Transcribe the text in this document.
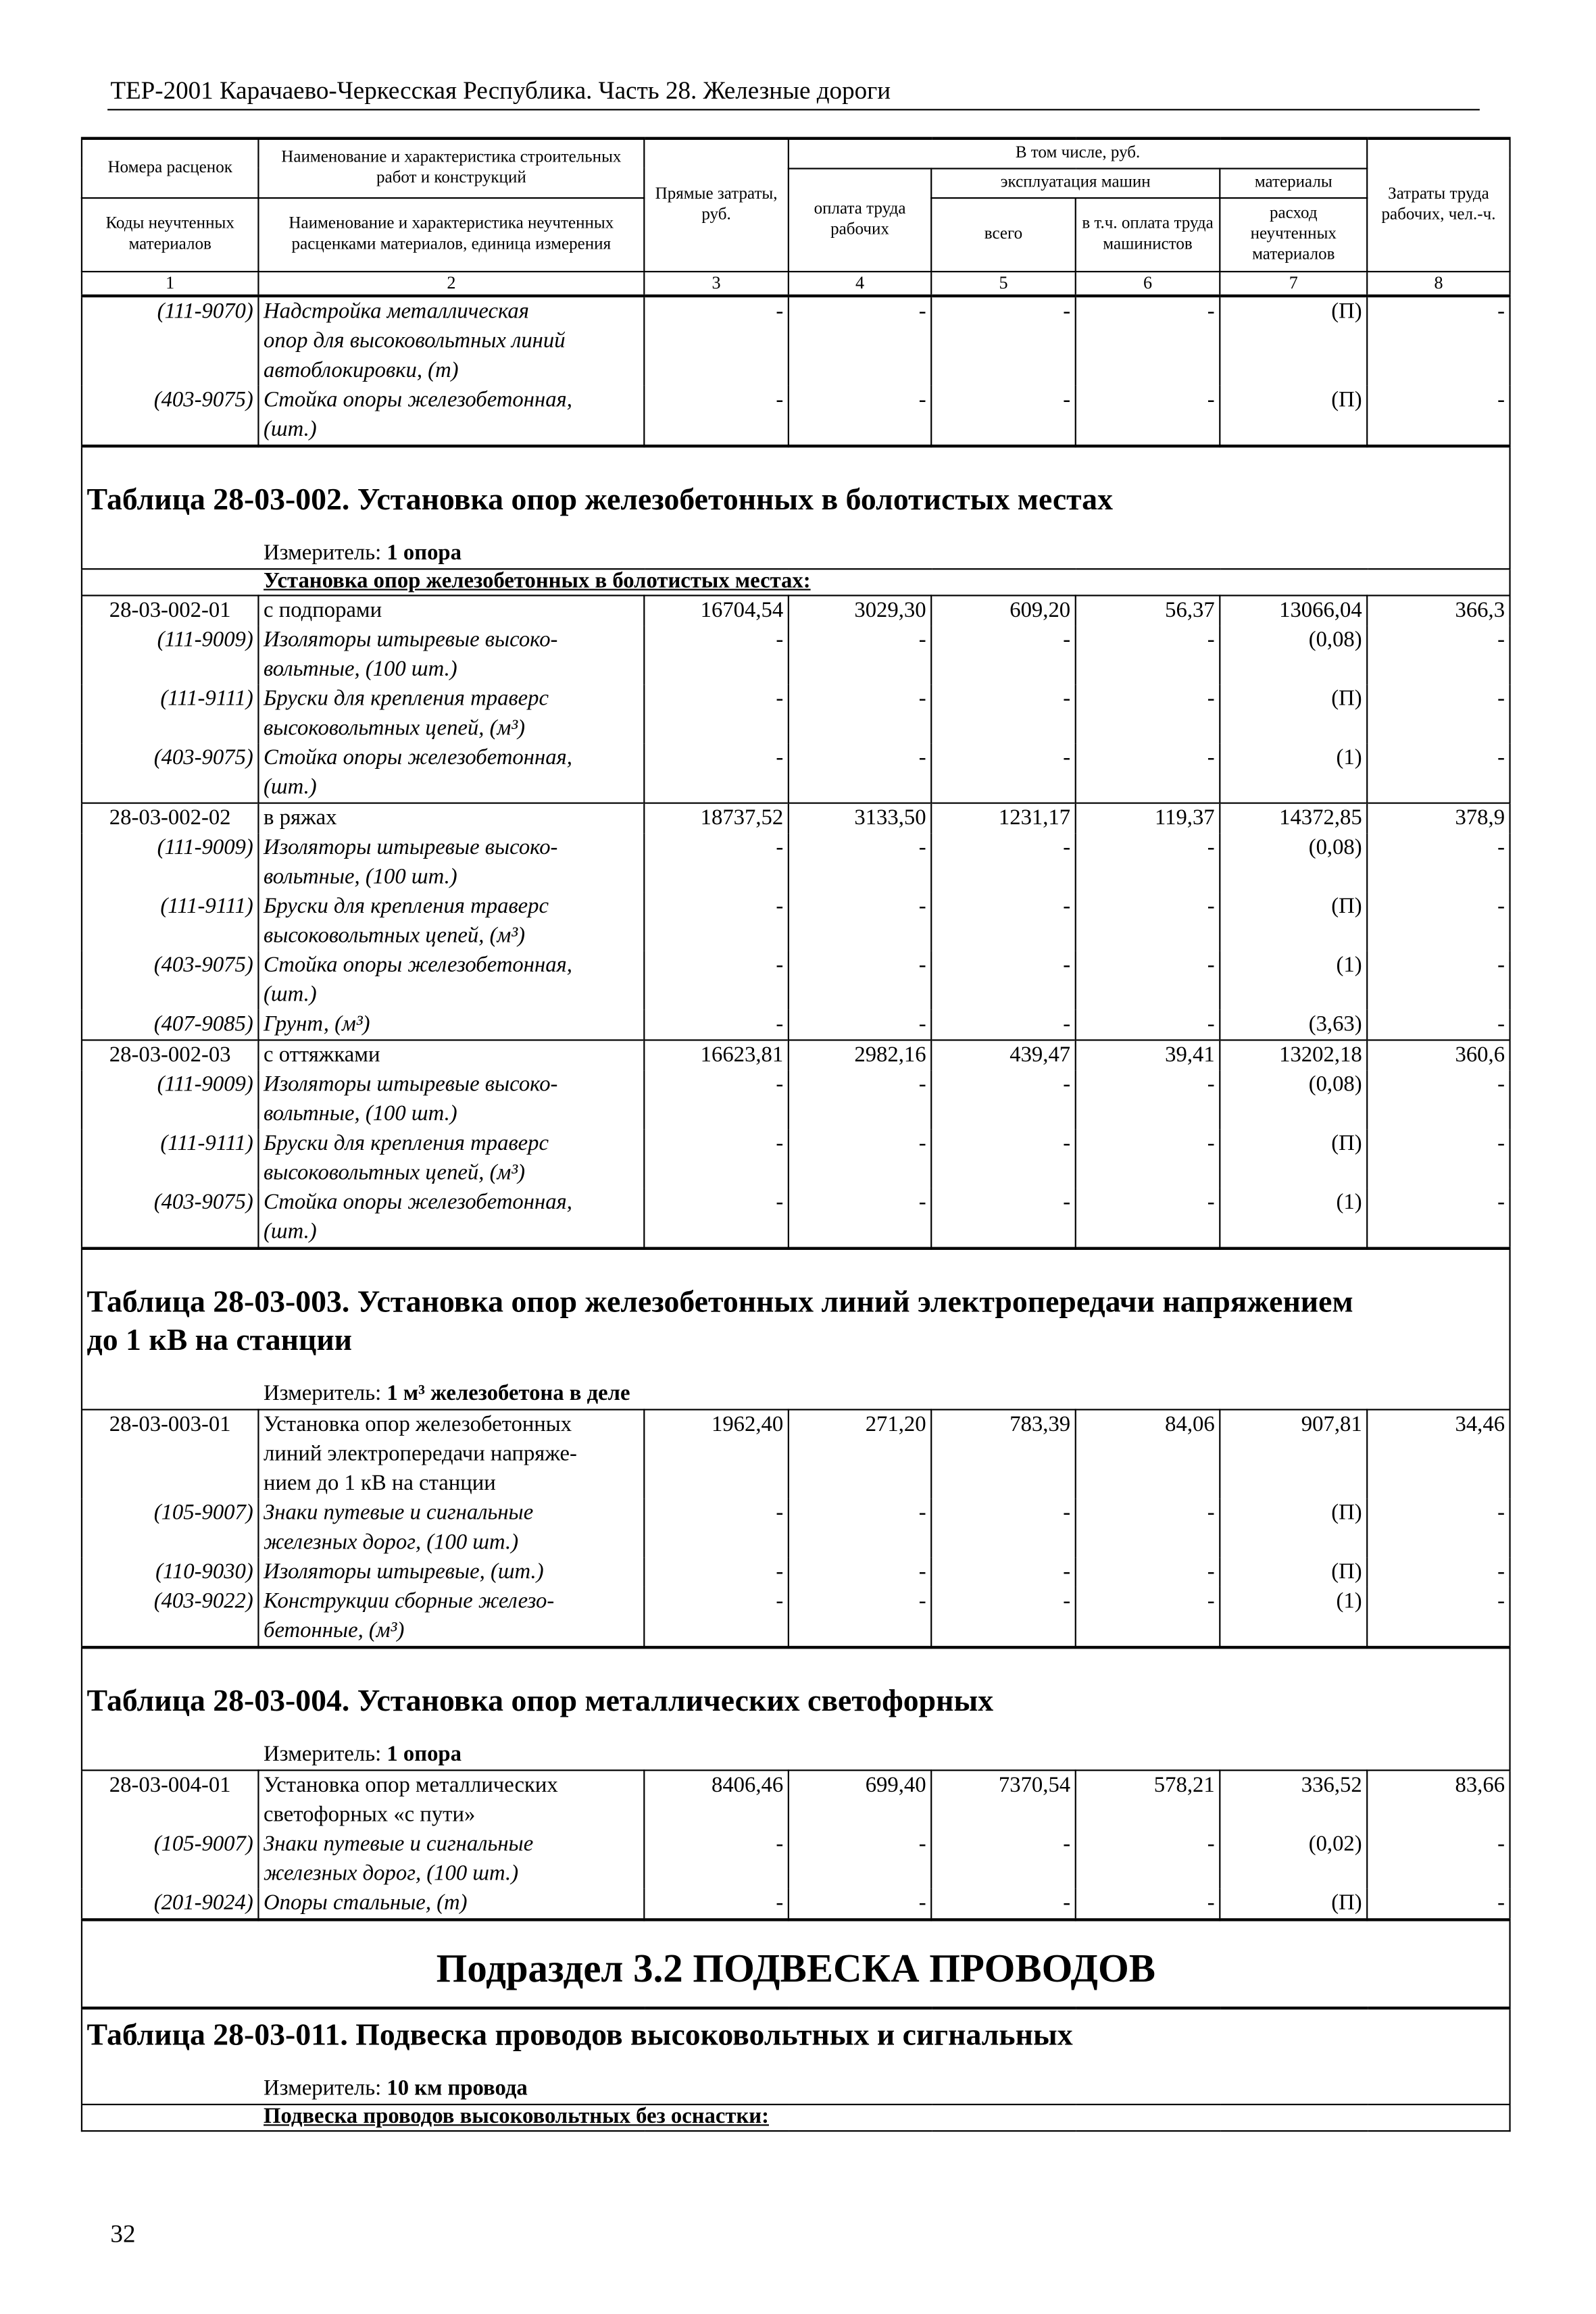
ТЕР-2001 Карачаево-Черкесская Республика. Часть 28. Железные дороги
Номера расценок	Наименование и характеристика строительных работ и конструкций	Прямые затраты, руб.	В том числе, руб.				Затраты труда рабочих, чел.-ч.
			оплата труда рабочих	эксплуатация машин		материалы	
Коды неучтенных материалов	Наименование и характеристика неучтенных расценками материалов, единица измерения			всего	в т.ч. оплата труда машинистов	расход неучтенных материалов	

1	2	3	4	5	6	7	8
(111-9070)	Надстройка металлическая
опор для высоковольтных линий
автоблокировки, (т)	-	-	-	-	(П)	-
(403-9075)	Стойка опоры железобетонная,
(шт.)	-	-	-	-	(П)	-

Таблица 28-03-002. Установка опор железобетонных в болотистых местах
Измеритель: 1 опора							

Установка опор железобетонных в болотистых местах:							
28-03-002-01	с подпорами	16704,54	3029,30	609,20	56,37	13066,04	366,3
(111-9009)	Изоляторы штыревые высоко-
вольтные, (100 шт.)	-	-	-	-	(0,08)	-
(111-9111)	Бруски для крепления траверс
высоковольтных цепей, (м³)	-	-	-	-	(П)	-
(403-9075)	Стойка опоры железобетонная,
(шт.)	-	-	-	-	(1)	-
28-03-002-02	в ряжах	18737,52	3133,50	1231,17	119,37	14372,85	378,9
(111-9009)	Изоляторы штыревые высоко-
вольтные, (100 шт.)	-	-	-	-	(0,08)	-
(111-9111)	Бруски для крепления траверс
высоковольтных цепей, (м³)	-	-	-	-	(П)	-
(403-9075)	Стойка опоры железобетонная,
(шт.)	-	-	-	-	(1)	-
(407-9085)	Грунт, (м³)	-	-	-	-	(3,63)	-
28-03-002-03	с оттяжками	16623,81	2982,16	439,47	39,41	13202,18	360,6
(111-9009)	Изоляторы штыревые высоко-
вольтные, (100 шт.)	-	-	-	-	(0,08)	-
(111-9111)	Бруски для крепления траверс
высоковольтных цепей, (м³)	-	-	-	-	(П)	-
(403-9075)	Стойка опоры железобетонная,
(шт.)	-	-	-	-	(1)	-

Таблица 28-03-003. Установка опор железобетонных линий электропередачи напряжением
до 1 кВ на станции
Измеритель: 1 м³ железобетона в деле							

28-03-003-01	Установка опор железобетонных
линий электропередачи напряже-
нием до 1 кВ на станции	1962,40	271,20	783,39	84,06	907,81	34,46
(105-9007)	Знаки путевые и сигнальные
железных дорог, (100 шт.)	-	-	-	-	(П)	-
(110-9030)	Изоляторы штыревые, (шт.)	-	-	-	-	(П)	-
(403-9022)	Конструкции сборные железо-
бетонные, (м³)	-	-	-	-	(1)	-

Таблица 28-03-004. Установка опор металлических светофорных
Измеритель: 1 опора							

28-03-004-01	Установка опор металлических
светофорных «с пути»	8406,46	699,40	7370,54	578,21	336,52	83,66
(105-9007)	Знаки путевые и сигнальные
железных дорог, (100 шт.)	-	-	-	-	(0,02)	-
(201-9024)	Опоры стальные, (т)	-	-	-	-	(П)	-

Подраздел 3.2 ПОДВЕСКА ПРОВОДОВ							

Таблица 28-03-011. Подвеска проводов высоковольтных и сигнальных
Измеритель: 10 км провода							

Подвеска проводов высоковольтных без оснастки:							
32
